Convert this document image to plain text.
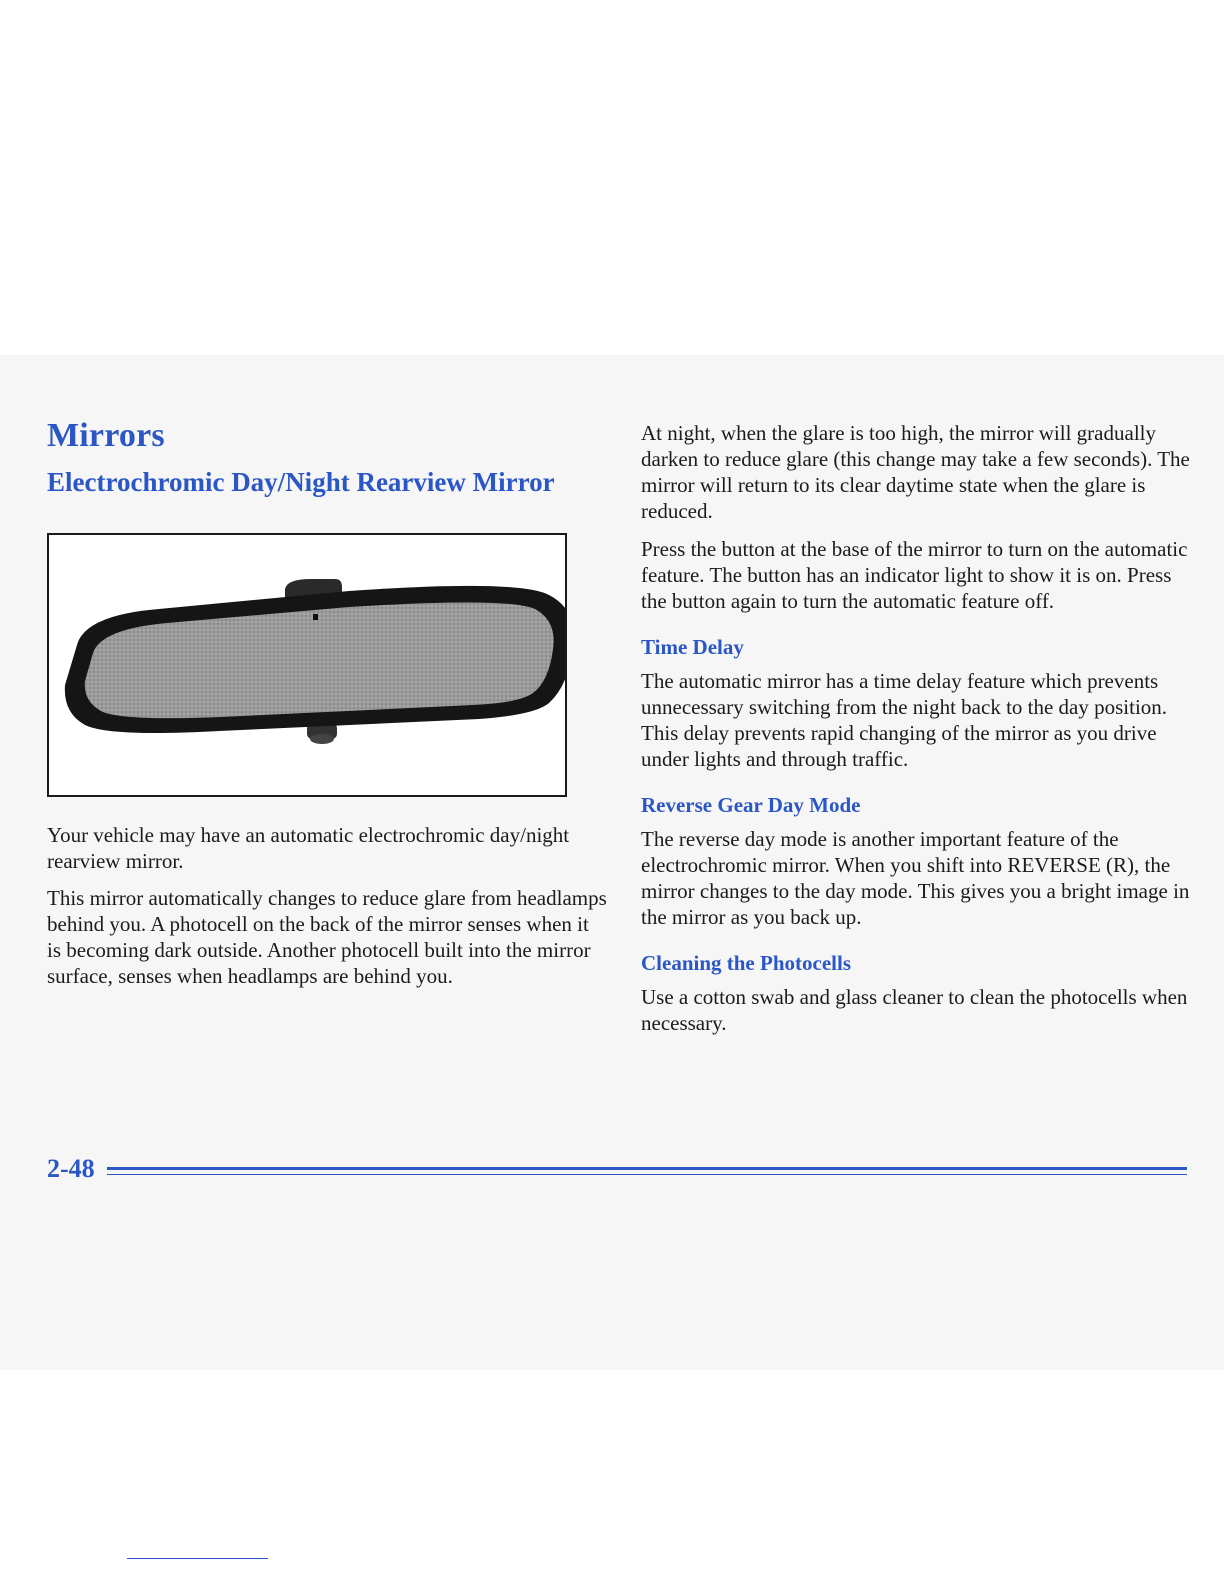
Mirrors
Electrochromic Day/Night Rearview Mirror

Your vehicle may have an automatic electrochromic day/night rearview mirror.

This mirror automatically changes to reduce glare from headlamps behind you. A photocell on the back of the mirror senses when it is becoming dark outside. Another photocell built into the mirror surface, senses when headlamps are behind you.

At night, when the glare is too high, the mirror will gradually darken to reduce glare (this change may take a few seconds). The mirror will return to its clear daytime state when the glare is reduced.

Press the button at the base of the mirror to turn on the automatic feature. The button has an indicator light to show it is on. Press the button again to turn the automatic feature off.

Time Delay

The automatic mirror has a time delay feature which prevents unnecessary switching from the night back to the day position. This delay prevents rapid changing of the mirror as you drive under lights and through traffic.

Reverse Gear Day Mode

The reverse day mode is another important feature of the electrochromic mirror. When you shift into REVERSE (R), the mirror changes to the day mode. This gives you a bright image in the mirror as you back up.

Cleaning the Photocells

Use a cotton swab and glass cleaner to clean the photocells when necessary.

2-48
